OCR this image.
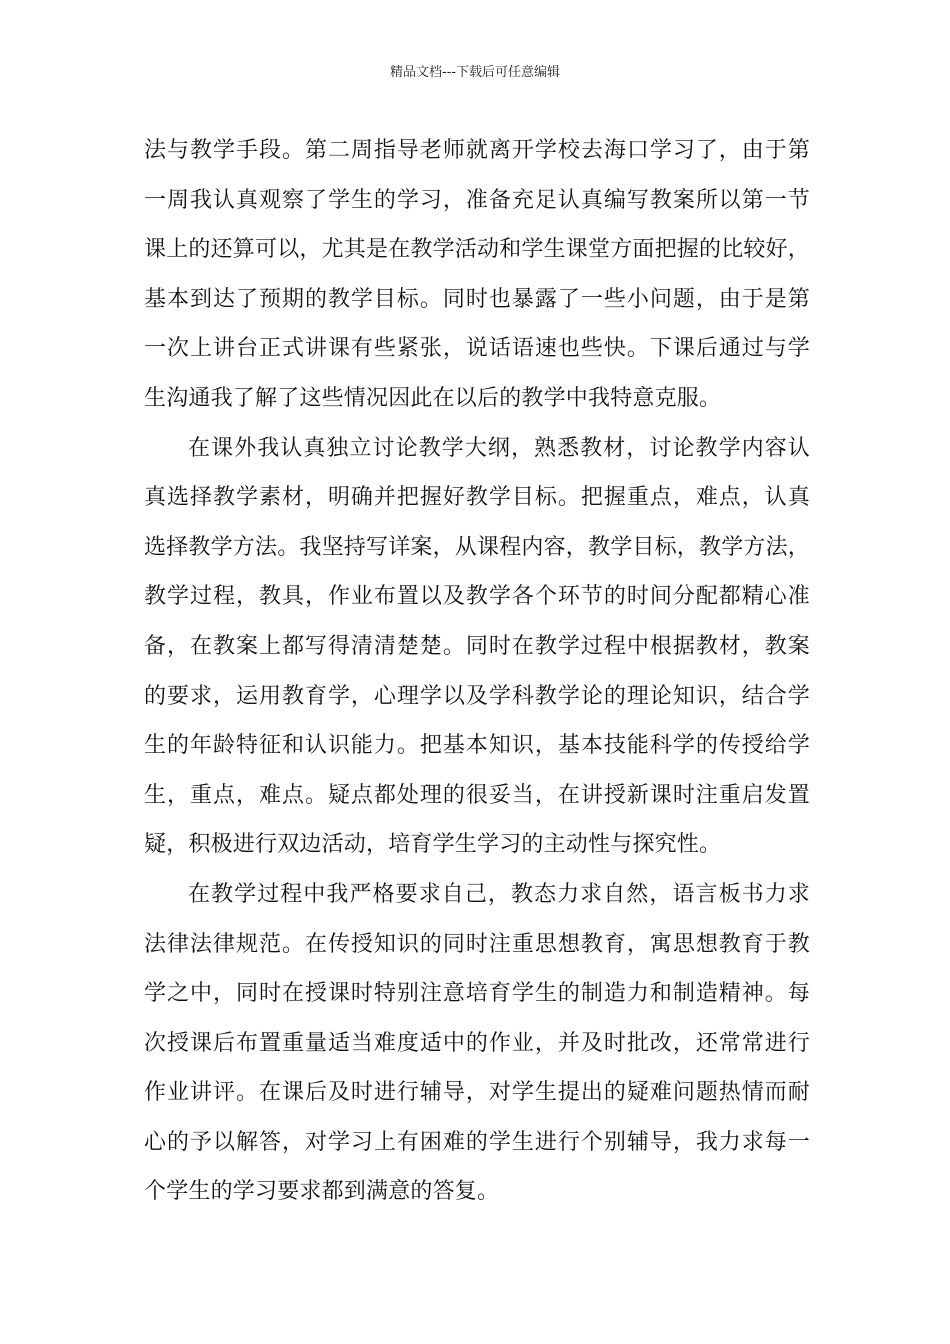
精品文档---下载后可任意编辑
法与教学手段。第二周指导老师就离开学校去海口学习了，由于第
一周我认真观察了学生的学习，准备充足认真编写教案所以第一节
课上的还算可以，尤其是在教学活动和学生课堂方面把握的比较好，
基本到达了预期的教学目标。同时也暴露了一些小问题，由于是第
一次上讲台正式讲课有些紧张，说话语速也些快。下课后通过与学
生沟通我了解了这些情况因此在以后的教学中我特意克服。
在课外我认真独立讨论教学大纲，熟悉教材，讨论教学内容认
真选择教学素材，明确并把握好教学目标。把握重点，难点，认真
选择教学方法。我坚持写详案，从课程内容，教学目标，教学方法，
教学过程，教具，作业布置以及教学各个环节的时间分配都精心准
备，在教案上都写得清清楚楚。同时在教学过程中根据教材，教案
的要求，运用教育学，心理学以及学科教学论的理论知识，结合学
生的年龄特征和认识能力。把基本知识，基本技能科学的传授给学
生，重点，难点。疑点都处理的很妥当，在讲授新课时注重启发置
疑，积极进行双边活动，培育学生学习的主动性与探究性。
在教学过程中我严格要求自己，教态力求自然，语言板书力求
法律法律规范。在传授知识的同时注重思想教育，寓思想教育于教
学之中，同时在授课时特别注意培育学生的制造力和制造精神。每
次授课后布置重量适当难度适中的作业，并及时批改，还常常进行
作业讲评。在课后及时进行辅导，对学生提出的疑难问题热情而耐
心的予以解答，对学习上有困难的学生进行个别辅导，我力求每一
个学生的学习要求都到满意的答复。
